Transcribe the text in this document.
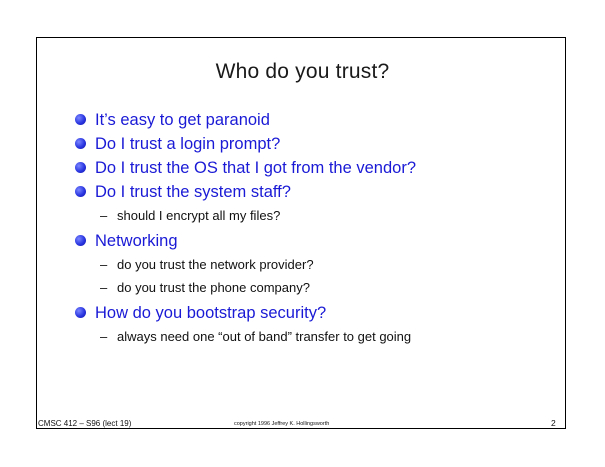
Who do you trust?
It’s easy to get paranoid
Do I trust a login prompt?
Do I trust the OS that I got from the vendor?
Do I trust the system staff?
– should I encrypt all my files?
Networking
– do you trust the network provider?
– do you trust the phone company?
How do you bootstrap security?
– always need one “out of band” transfer to get going
CMSC 412 – S96 (lect 19)	copyright 1996 Jeffrey K. Hollingsworth	2
